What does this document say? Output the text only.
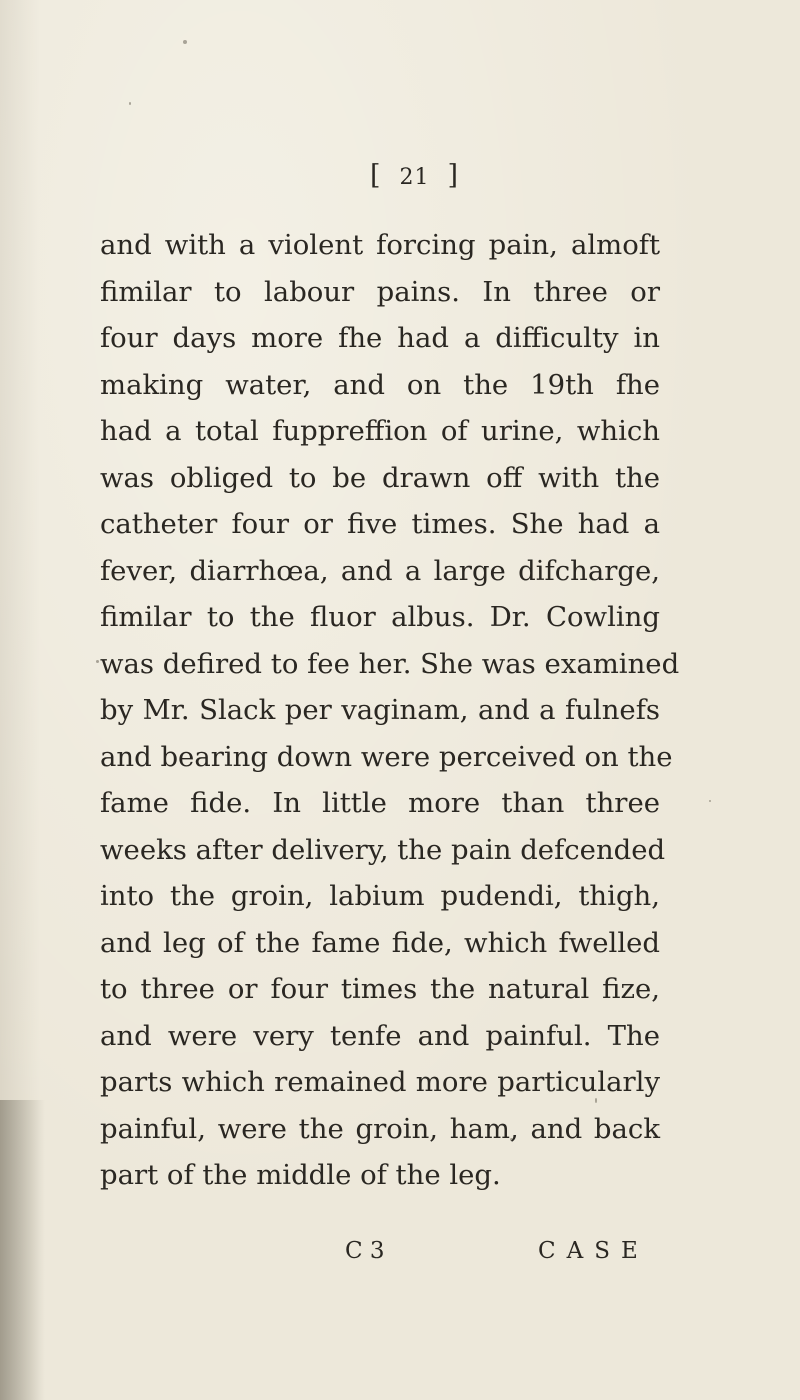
[ 21 ]
and with a violent forcing pain, almoft
fimilar to labour pains. In three or
four days more fhe had a difficulty in
making water, and on the 19th fhe
had a total fuppreffion of urine, which
was obliged to be drawn off with the
catheter four or five times. She had a
fever, diarrhœa, and a large difcharge,
fimilar to the fluor albus. Dr. Cowling
was defired to fee her. She was examined
by Mr. Slack per vaginam, and a fulnefs
and bearing down were perceived on the
fame fide. In little more than three
weeks after delivery, the pain defcended
into the groin, labium pudendi, thigh,
and leg of the fame fide, which fwelled
to three or four times the natural fize,
and were very tenfe and painful. The
parts which remained more particularly
painful, were the groin, ham, and back
part of the middle of the leg.
C 3	CASE
